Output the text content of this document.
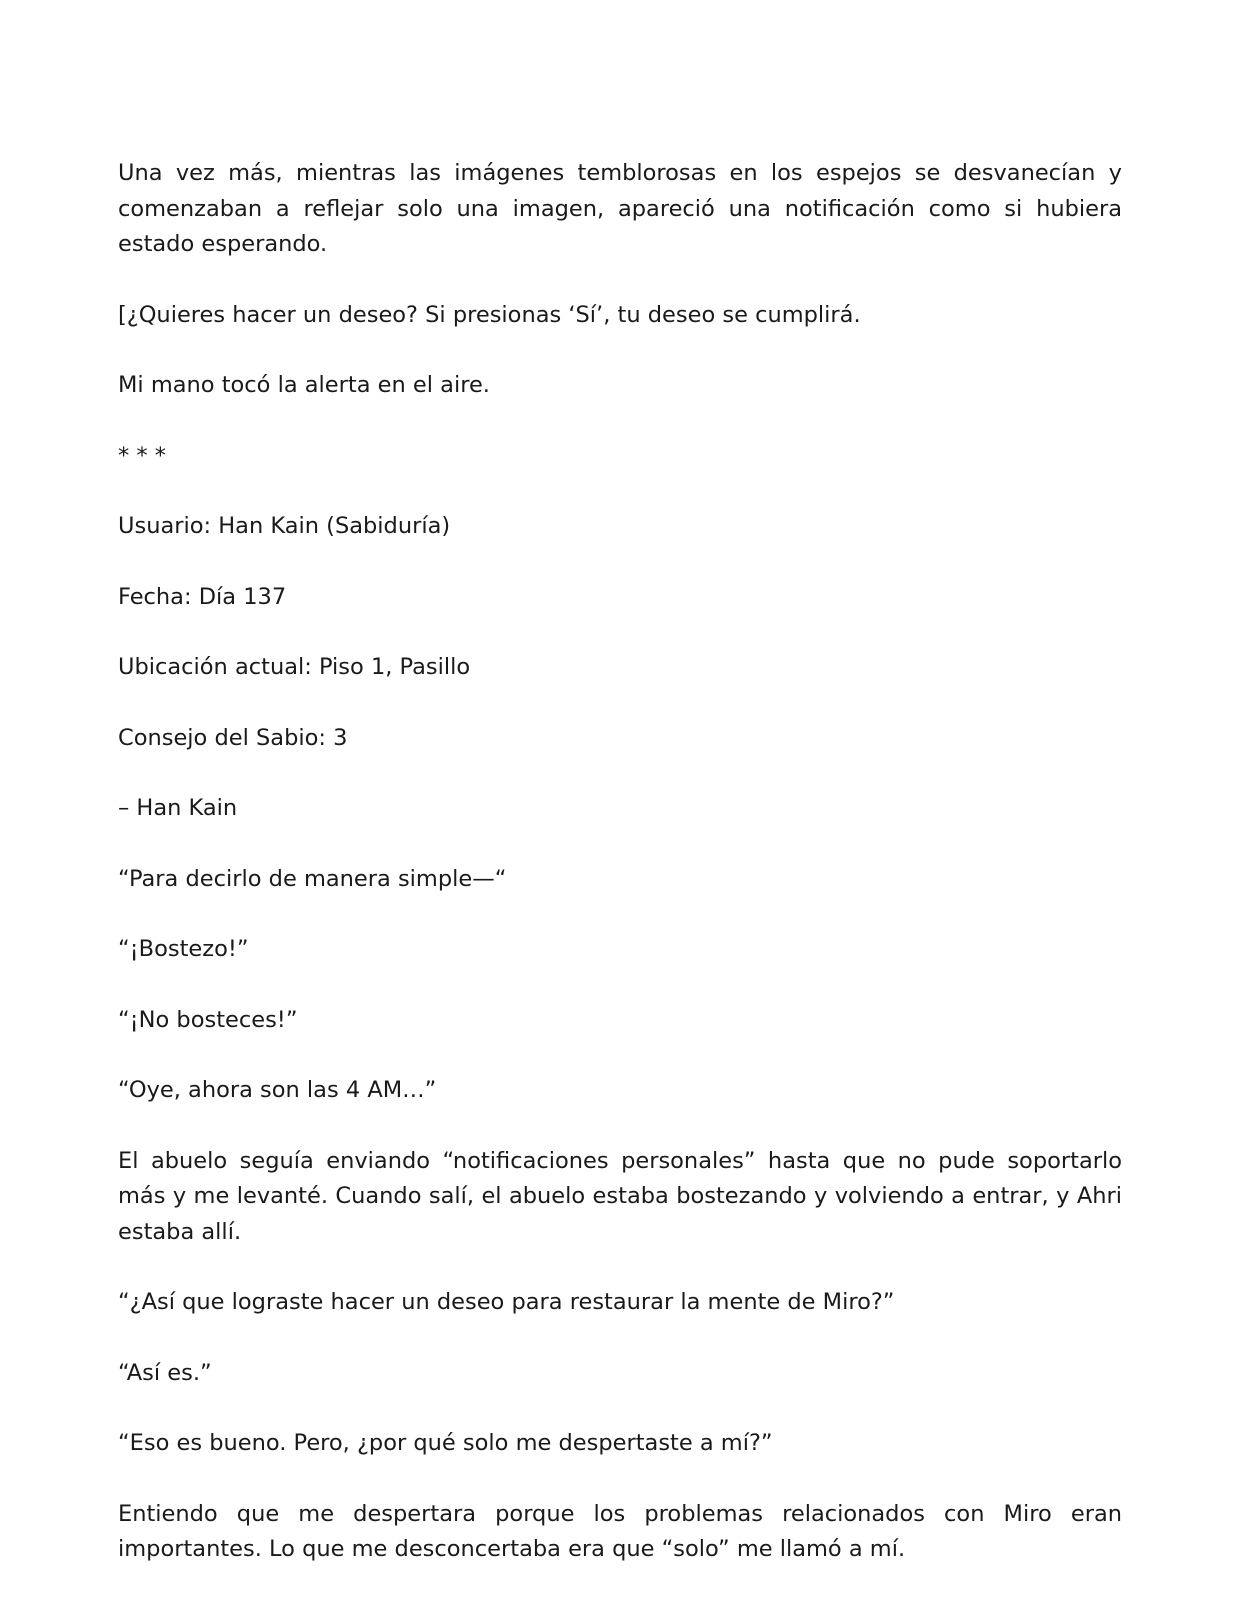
Una vez más, mientras las imágenes temblorosas en los espejos se desvanecían y comenzaban a reflejar solo una imagen, apareció una notificación como si hubiera estado esperando.

[¿Quieres hacer un deseo? Si presionas ‘Sí’, tu deseo se cumplirá.

Mi mano tocó la alerta en el aire.

* * *

Usuario: Han Kain (Sabiduría)

Fecha: Día 137

Ubicación actual: Piso 1, Pasillo

Consejo del Sabio: 3

– Han Kain

“Para decirlo de manera simple—“

“¡Bostezo!”

“¡No bosteces!”

“Oye, ahora son las 4 AM…”

El abuelo seguía enviando “notificaciones personales” hasta que no pude soportarlo más y me levanté. Cuando salí, el abuelo estaba bostezando y volviendo a entrar, y Ahri estaba allí.

“¿Así que lograste hacer un deseo para restaurar la mente de Miro?”

“Así es.”

“Eso es bueno. Pero, ¿por qué solo me despertaste a mí?”

Entiendo que me despertara porque los problemas relacionados con Miro eran importantes. Lo que me desconcertaba era que “solo” me llamó a mí.
